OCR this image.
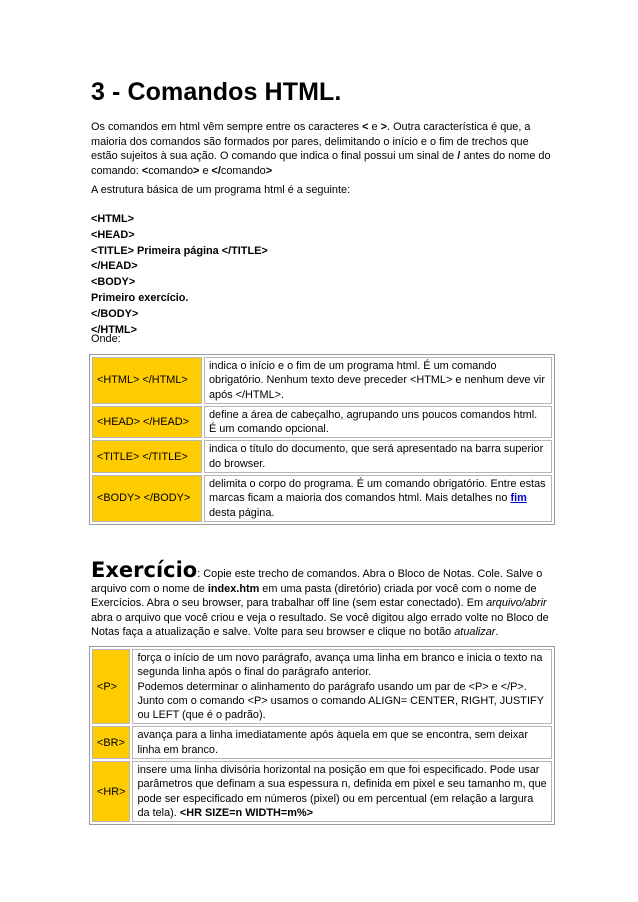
3 - Comandos HTML.

Os comandos em html vêm sempre entre os caracteres < e >. Outra característica é que, a maioria dos comandos são formados por pares, delimitando o início e o fim de trechos que estão sujeitos à sua ação. O comando que indica o final possui um sinal de / antes do nome do comando: <comando> e </comando>

A estrutura básica de um programa html é a seguinte:

<HTML>
<HEAD>
<TITLE> Primeira página </TITLE>
</HEAD>
<BODY>
Primeiro exercício.
</BODY>
</HTML>

Onde:

<HTML> </HTML>	indica o início e o fim de um programa html. É um comando obrigatório. Nenhum texto deve preceder <HTML> e nenhum deve vir após </HTML>.
<HEAD> </HEAD>	define a área de cabeçalho, agrupando uns poucos comandos html. É um comando opcional.
<TITLE> </TITLE>	indica o título do documento, que será apresentado na barra superior do browser.
<BODY> </BODY>	delimita o corpo do programa. É um comando obrigatório. Entre estas marcas ficam a maioria dos comandos html. Mais detalhes no fim desta página.

Exercício: Copie este trecho de comandos. Abra o Bloco de Notas. Cole. Salve o arquivo com o nome de index.htm em uma pasta (diretório) criada por você com o nome de Exercícios. Abra o seu browser, para trabalhar off line (sem estar conectado). Em arquivo/abrir abra o arquivo que você criou e veja o resultado. Se você digitou algo errado volte no Bloco de Notas faça a atualização e salve. Volte para seu browser e clique no botão atualizar.

<P>	força o início de um novo parágrafo, avança uma linha em branco e inicia o texto na segunda linha após o final do parágrafo anterior.
Podemos determinar o alinhamento do parágrafo usando um par de <P> e </P>. Junto com o comando <P> usamos o comando ALIGN= CENTER, RIGHT, JUSTIFY ou LEFT (que é o padrão).
<BR>	avança para a linha imediatamente após àquela em que se encontra, sem deixar linha em branco.
<HR>	insere uma linha divisória horizontal na posição em que foi especificado. Pode usar parâmetros que definam a sua espessura n, definida em pixel e seu tamanho m, que pode ser especificado em números (pixel) ou em percentual (em relação a largura da tela). <HR SIZE=n WIDTH=m%>
